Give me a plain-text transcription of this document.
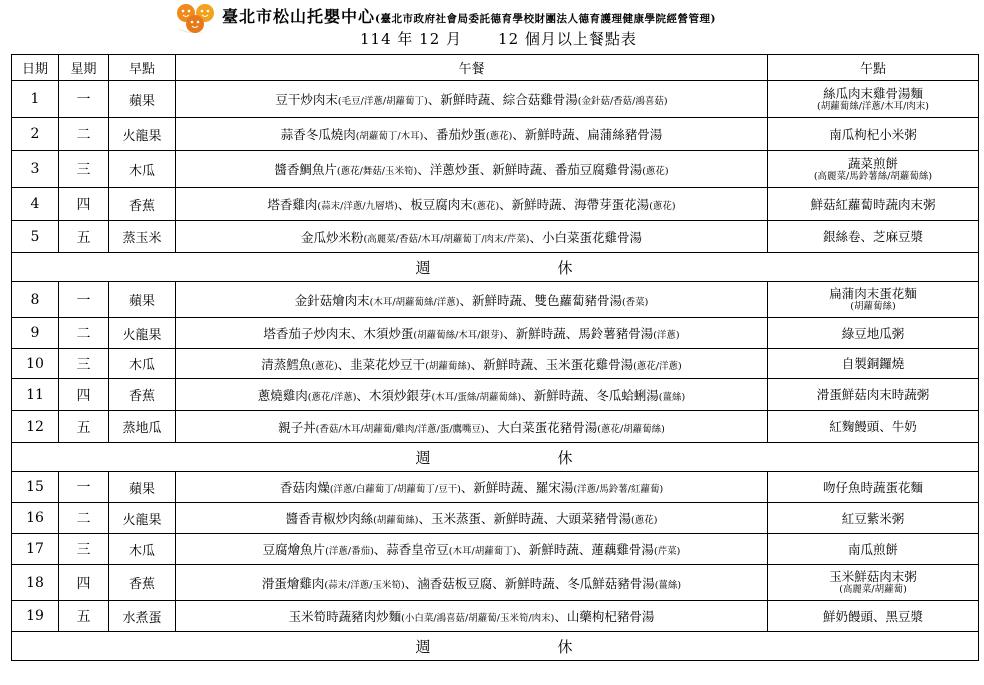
臺北市松山托嬰中心(臺北市政府社會局委託德育學校財團法人德育護理健康學院經營管理)
114 年 12 月 12 個月以上餐點表
日期	星期	早點	午餐	午點
1	一	蘋果	豆干炒肉末(毛豆/洋蔥/胡蘿蔔丁)、新鮮時蔬、綜合菇雞骨湯(金針菇/香菇/鴻喜菇)	絲瓜肉末雞骨湯麵
(胡蘿蔔絲/洋蔥/木耳/肉末)

2	二	火龍果	蒜香冬瓜燒肉(胡蘿蔔丁/木耳)、番茄炒蛋(蔥花)、新鮮時蔬、扁蒲絲豬骨湯	南瓜枸杞小米粥
3	三	木瓜	醬香鯛魚片(蔥花/舞菇/玉米筍)、洋蔥炒蛋、新鮮時蔬、番茄豆腐雞骨湯(蔥花)	蔬菜煎餅
(高麗菜/馬鈴薯絲/胡蘿蔔絲)

4	四	香蕉	塔香雞肉(蒜末/洋蔥/九層塔)、板豆腐肉末(蔥花)、新鮮時蔬、海帶芽蛋花湯(蔥花)	鮮菇紅蘿蔔時蔬肉末粥
5	五	蒸玉米	金瓜炒米粉(高麗菜/香菇/木耳/胡蘿蔔丁/肉末/芹菜)、小白菜蛋花雞骨湯	銀絲卷、芝麻豆漿
週 休				
8	一	蘋果	金針菇燴肉末(木耳/胡蘿蔔絲/洋蔥)、新鮮時蔬、雙色蘿蔔豬骨湯(香菜)	扁蒲肉末蛋花麵
(胡蘿蔔絲)

9	二	火龍果	塔香茄子炒肉末、木須炒蛋(胡蘿蔔絲/木耳/銀芽)、新鮮時蔬、馬鈴薯豬骨湯(洋蔥)	綠豆地瓜粥
10	三	木瓜	清蒸鱈魚(蔥花)、韭菜花炒豆干(胡蘿蔔絲)、新鮮時蔬、玉米蛋花雞骨湯(蔥花/洋蔥)	自製銅鑼燒
11	四	香蕉	蔥燒雞肉(蔥花/洋蔥)、木須炒銀芽(木耳/蛋絲/胡蘿蔔絲)、新鮮時蔬、冬瓜蛤蜊湯(薑絲)	滑蛋鮮菇肉末時蔬粥
12	五	蒸地瓜	親子丼(香菇/木耳/胡蘿蔔/雞肉/洋蔥/蛋/鷹嘴豆)、大白菜蛋花豬骨湯(蔥花/胡蘿蔔絲)	紅麴饅頭、牛奶
週 休				
15	一	蘋果	香菇肉燥(洋蔥/白蘿蔔丁/胡蘿蔔丁/豆干)、新鮮時蔬、羅宋湯(洋蔥/馬鈴薯/紅蘿蔔)	吻仔魚時蔬蛋花麵
16	二	火龍果	醬香青椒炒肉絲(胡蘿蔔絲)、玉米蒸蛋、新鮮時蔬、大頭菜豬骨湯(蔥花)	紅豆紫米粥
17	三	木瓜	豆腐燴魚片(洋蔥/番茄)、蒜香皇帝豆(木耳/胡蘿蔔丁)、新鮮時蔬、蓮藕雞骨湯(芹菜)	南瓜煎餅
18	四	香蕉	滑蛋燴雞肉(蒜末/洋蔥/玉米筍)、滷香菇板豆腐、新鮮時蔬、冬瓜鮮菇豬骨湯(薑絲)	玉米鮮菇肉末粥
(高麗菜/胡蘿蔔)

19	五	水煮蛋	玉米筍時蔬豬肉炒麵(小白菜/鴻喜菇/胡蘿蔔/玉米筍/肉末)、山藥枸杞豬骨湯	鮮奶饅頭、黑豆漿
週 休				
